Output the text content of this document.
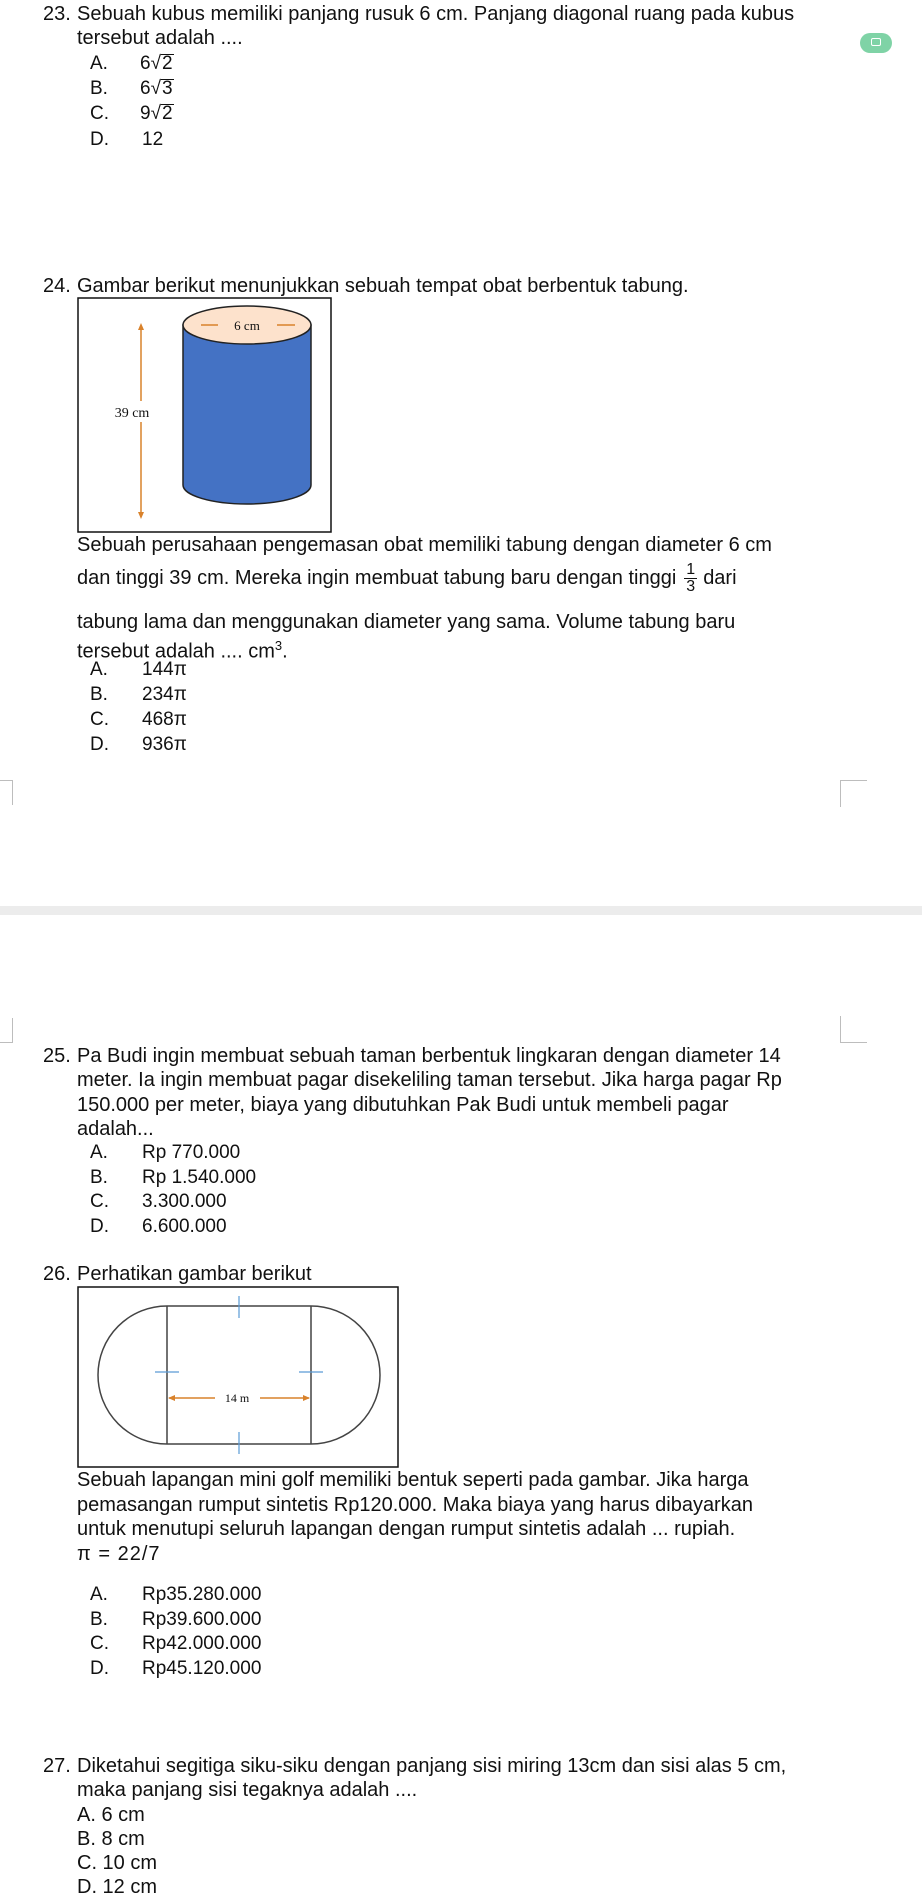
23. Sebuah kubus memiliki panjang rusuk 6 cm. Panjang diagonal ruang pada kubus
tersebut adalah ....
A. 6√2
B. 6√3
C. 9√2
D. 12
24. Gambar berikut menunjukkan sebuah tempat obat berbentuk tabung.
6 cm
39 cm
Sebuah perusahaan pengemasan obat memiliki tabung dengan diameter 6 cm
dan tinggi 39 cm. Mereka ingin membuat tabung baru dengan tinggi $\frac{1}{3}$ dari
tabung lama dan menggunakan diameter yang sama. Volume tabung baru
tersebut adalah .... $cm^3$.
A. 144π
B. 234π
C. 468π
D. 936π
25. Pa Budi ingin membuat sebuah taman berbentuk lingkaran dengan diameter 14
meter. Ia ingin membuat pagar disekeliling taman tersebut. Jika harga pagar Rp
150.000 per meter, biaya yang dibutuhkan Pak Budi untuk membeli pagar
adalah...
A. Rp 770.000
B. Rp 1.540.000
C. 3.300.000
D. 6.600.000
26. Perhatikan gambar berikut
14 m
Sebuah lapangan mini golf memiliki bentuk seperti pada gambar. Jika harga
pemasangan rumput sintetis Rp120.000. Maka biaya yang harus dibayarkan
untuk menutupi seluruh lapangan dengan rumput sintetis adalah ... rupiah.
π = 22/7
A. Rp35.280.000
B. Rp39.600.000
C. Rp42.000.000
D. Rp45.120.000
27. Diketahui segitiga siku-siku dengan panjang sisi miring 13cm dan sisi alas 5 cm,
maka panjang sisi tegaknya adalah ....
A. 6 cm
B. 8 cm
C. 10 cm
D. 12 cm
